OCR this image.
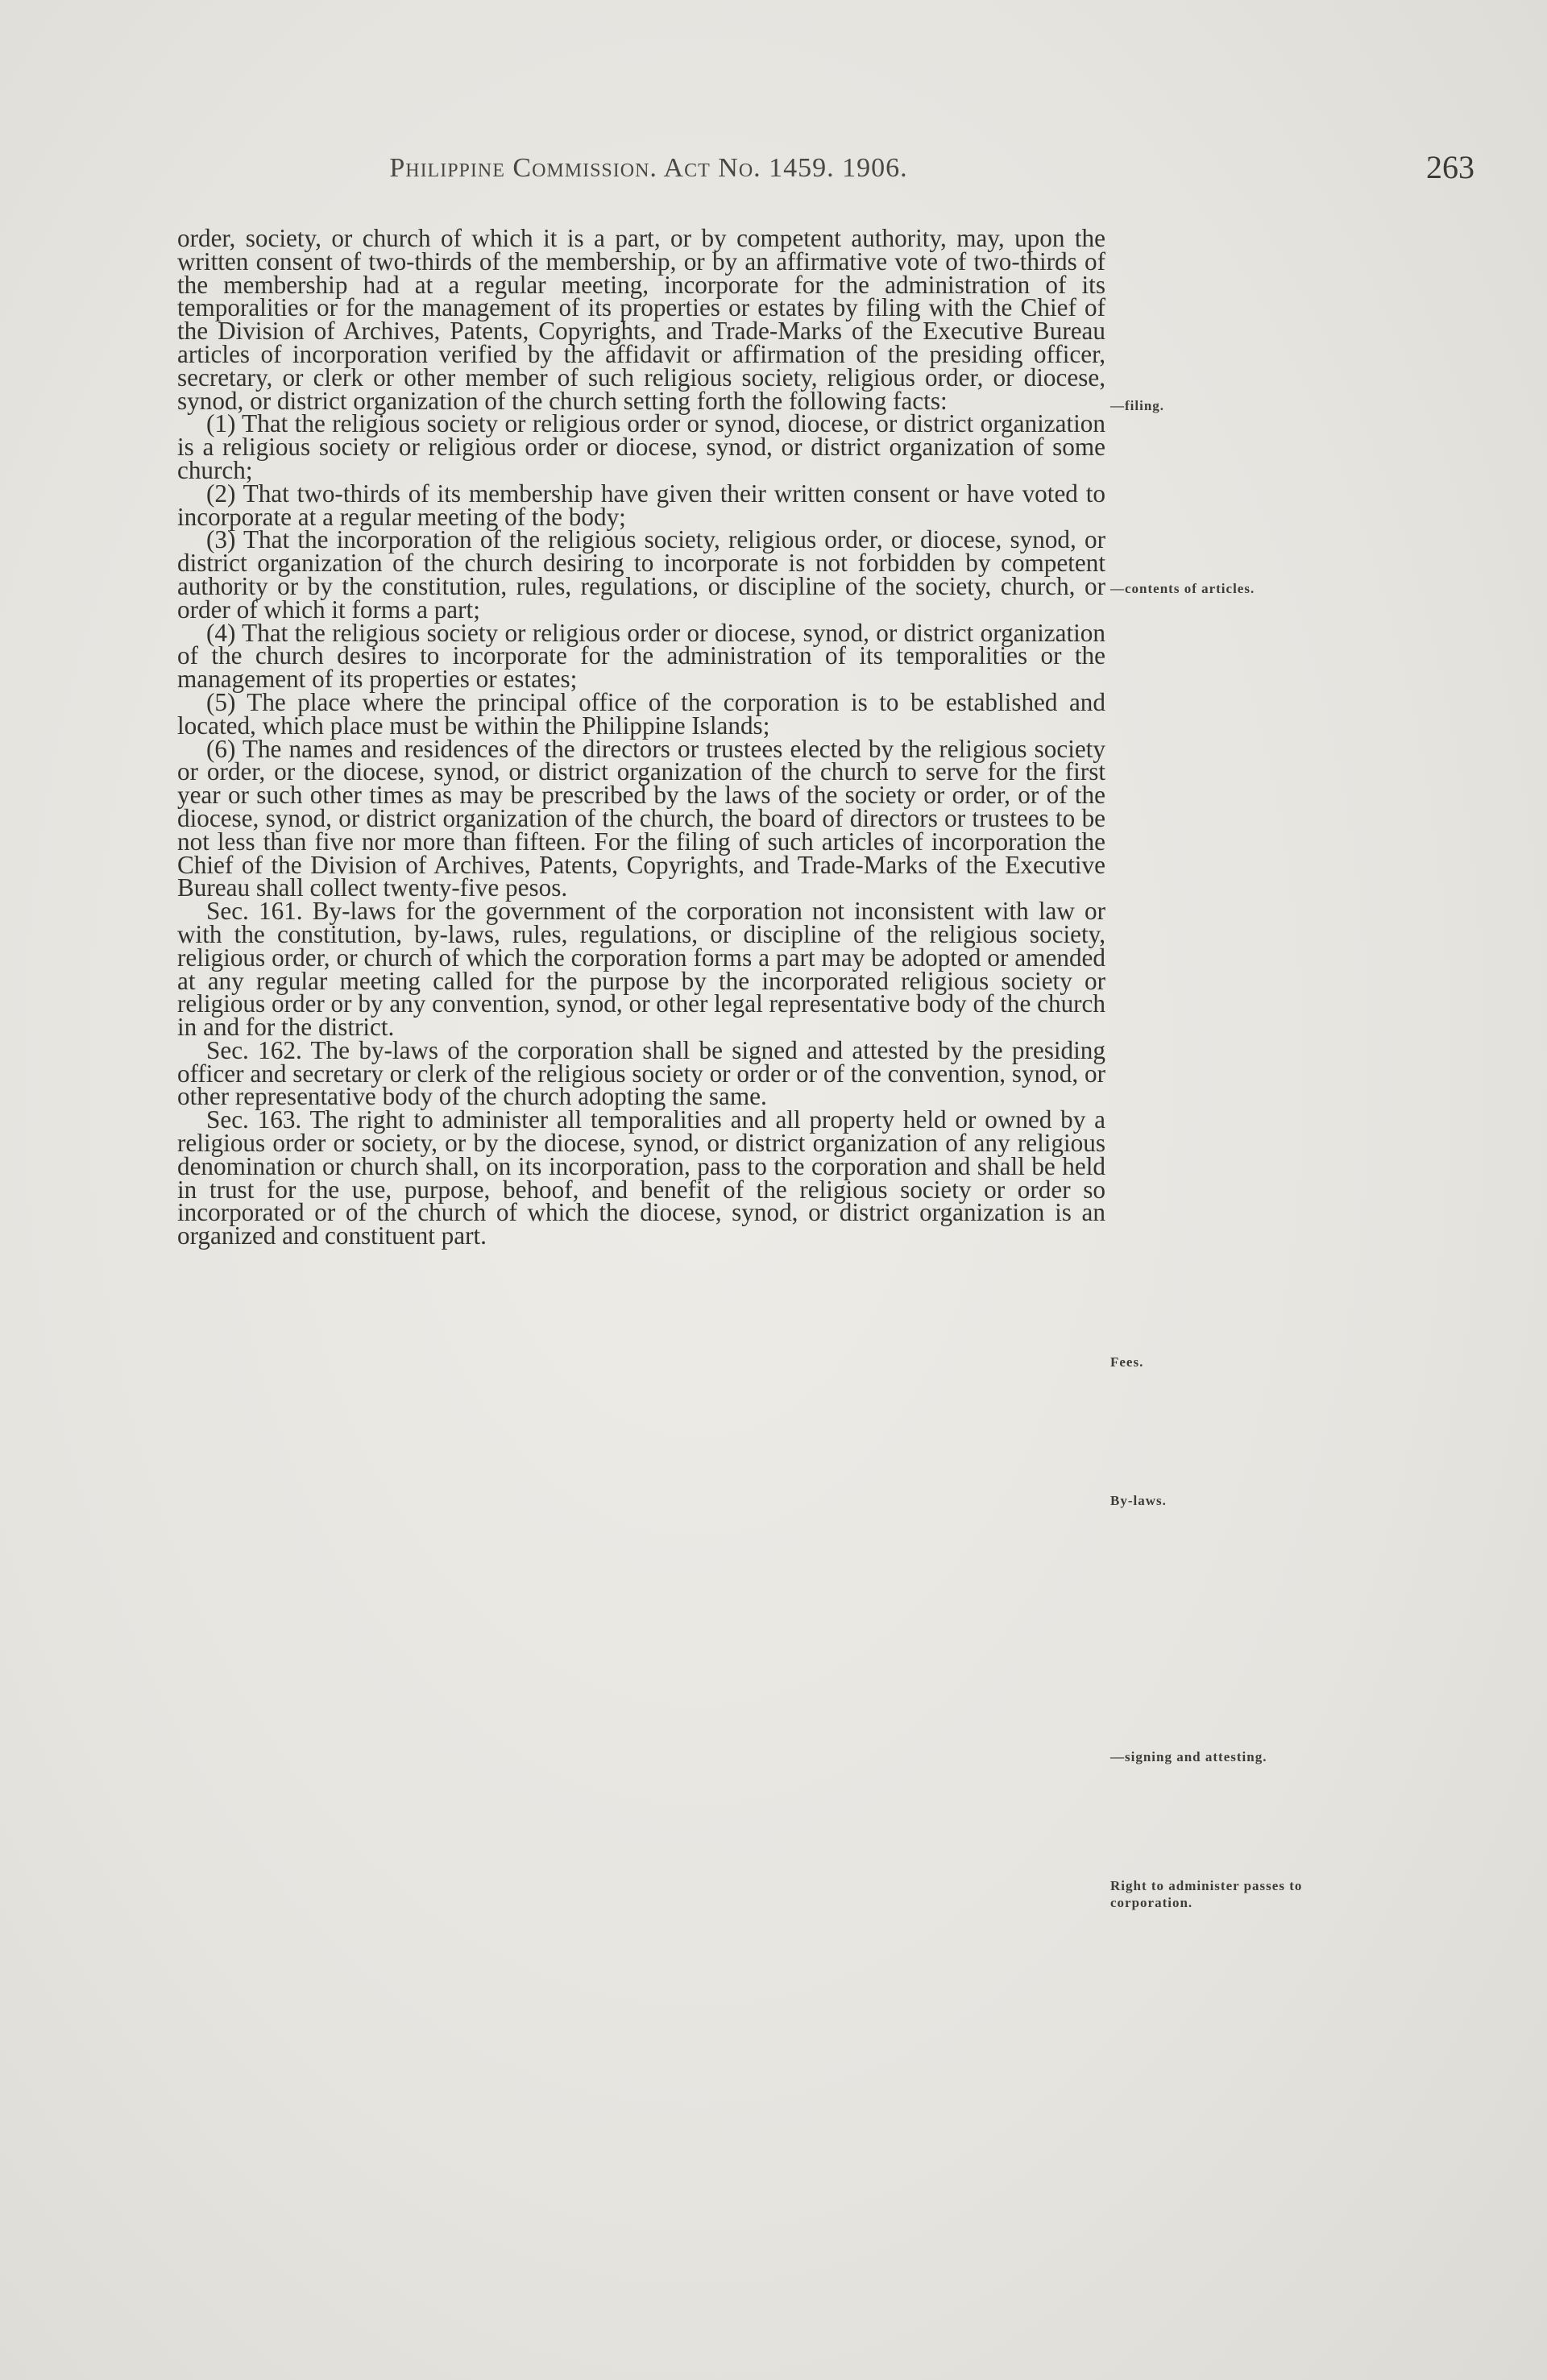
Philippine Commission. Act No. 1459. 1906.	263

order, society, or church of which it is a part, or by competent authority, may, upon the written consent of two-thirds of the membership, or by an affirmative vote of two-thirds of the membership had at a regular meeting, incorporate for the administration of its temporalities or for the management of its properties or estates by filing with the Chief of the Division of Archives, Patents, Copyrights, and Trade-Marks of the Executive Bureau articles of incorporation verified by the affidavit or affirmation of the presiding officer, secretary, or clerk or other member of such religious society, religious order, or diocese, synod, or district organization of the church setting forth the following facts:

(1) That the religious society or religious order or synod, diocese, or district organization is a religious society or religious order or diocese, synod, or district organization of some church;

(2) That two-thirds of its membership have given their written consent or have voted to incorporate at a regular meeting of the body;

(3) That the incorporation of the religious society, religious order, or diocese, synod, or district organization of the church desiring to incorporate is not forbidden by competent authority or by the constitution, rules, regulations, or discipline of the society, church, or order of which it forms a part;

(4) That the religious society or religious order or diocese, synod, or district organization of the church desires to incorporate for the administration of its temporalities or the management of its properties or estates;

(5) The place where the principal office of the corporation is to be established and located, which place must be within the Philippine Islands;

(6) The names and residences of the directors or trustees elected by the religious society or order, or the diocese, synod, or district organization of the church to serve for the first year or such other times as may be prescribed by the laws of the society or order, or of the diocese, synod, or district organization of the church, the board of directors or trustees to be not less than five nor more than fifteen. For the filing of such articles of incorporation the Chief of the Division of Archives, Patents, Copyrights, and Trade-Marks of the Executive Bureau shall collect twenty-five pesos.

Sec. 161. By-laws for the government of the corporation not inconsistent with law or with the constitution, by-laws, rules, regulations, or discipline of the religious society, religious order, or church of which the corporation forms a part may be adopted or amended at any regular meeting called for the purpose by the incorporated religious society or religious order or by any convention, synod, or other legal representative body of the church in and for the district.

Sec. 162. The by-laws of the corporation shall be signed and attested by the presiding officer and secretary or clerk of the religious society or order or of the convention, synod, or other representative body of the church adopting the same.

Sec. 163. The right to administer all temporalities and all property held or owned by a religious order or society, or by the diocese, synod, or district organization of any religious denomination or church shall, on its incorporation, pass to the corporation and shall be held in trust for the use, purpose, behoof, and benefit of the religious society or order so incorporated or of the church of which the diocese, synod, or district organization is an organized and constituent part.

—filing.
—contents of articles.
Fees.
By-laws.
—signing and attesting.
Right to administer passes to corporation.
